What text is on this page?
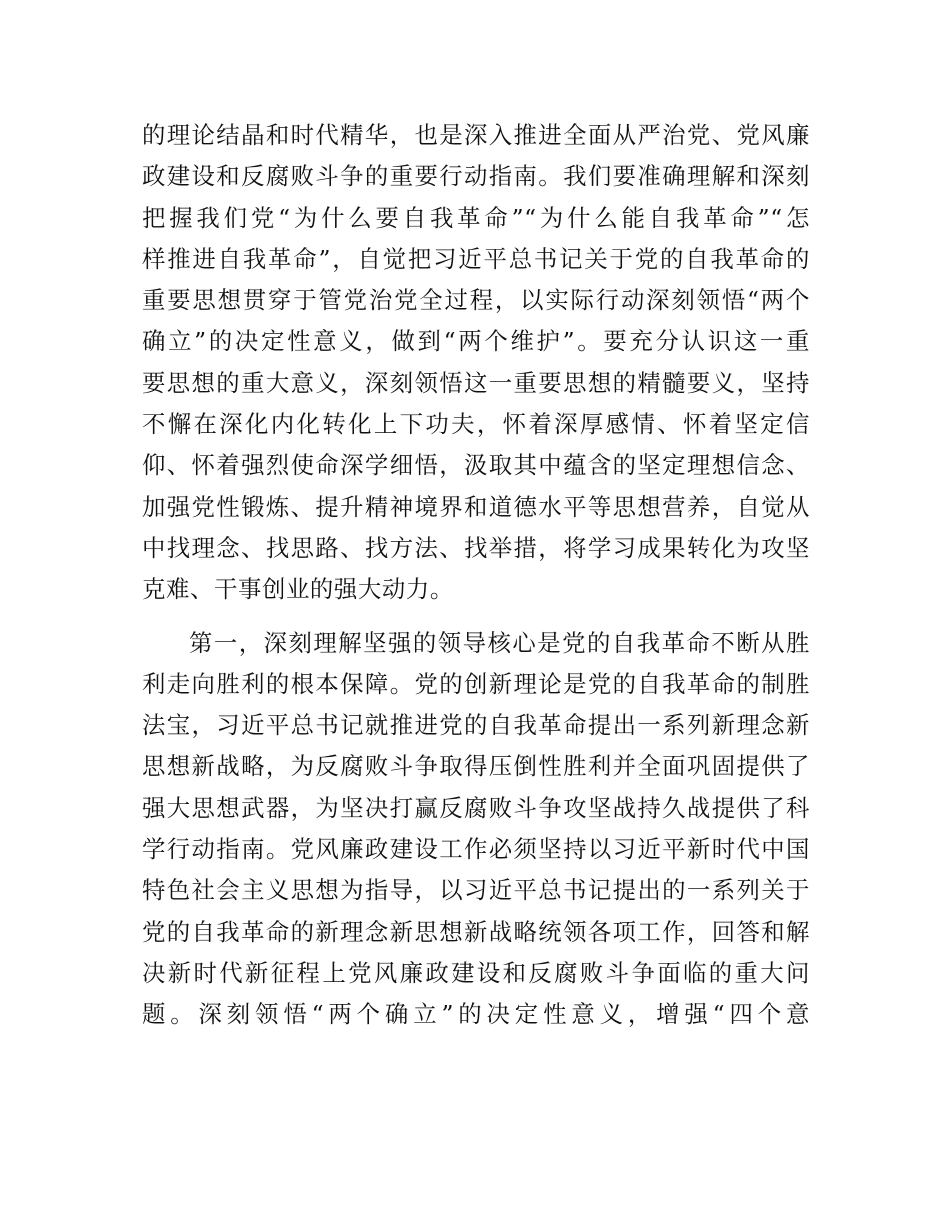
的理论结晶和时代精华，也是深入推进全面从严治党、党风廉
政建设和反腐败斗争的重要行动指南。我们要准确理解和深刻
把握我们党“为什么要自我革命”“为什么能自我革命”“怎
样推进自我革命”，自觉把习近平总书记关于党的自我革命的
重要思想贯穿于管党治党全过程，以实际行动深刻领悟“两个
确立”的决定性意义，做到“两个维护”。要充分认识这一重
要思想的重大意义，深刻领悟这一重要思想的精髓要义，坚持
不懈在深化内化转化上下功夫，怀着深厚感情、怀着坚定信
仰、怀着强烈使命深学细悟，汲取其中蕴含的坚定理想信念、
加强党性锻炼、提升精神境界和道德水平等思想营养，自觉从
中找理念、找思路、找方法、找举措，将学习成果转化为攻坚
克难、干事创业的强大动力。
第一，深刻理解坚强的领导核心是党的自我革命不断从胜
利走向胜利的根本保障。党的创新理论是党的自我革命的制胜
法宝，习近平总书记就推进党的自我革命提出一系列新理念新
思想新战略，为反腐败斗争取得压倒性胜利并全面巩固提供了
强大思想武器，为坚决打赢反腐败斗争攻坚战持久战提供了科
学行动指南。党风廉政建设工作必须坚持以习近平新时代中国
特色社会主义思想为指导，以习近平总书记提出的一系列关于
党的自我革命的新理念新思想新战略统领各项工作，回答和解
决新时代新征程上党风廉政建设和反腐败斗争面临的重大问
题。深刻领悟“两个确立”的决定性意义，增强“四个意
